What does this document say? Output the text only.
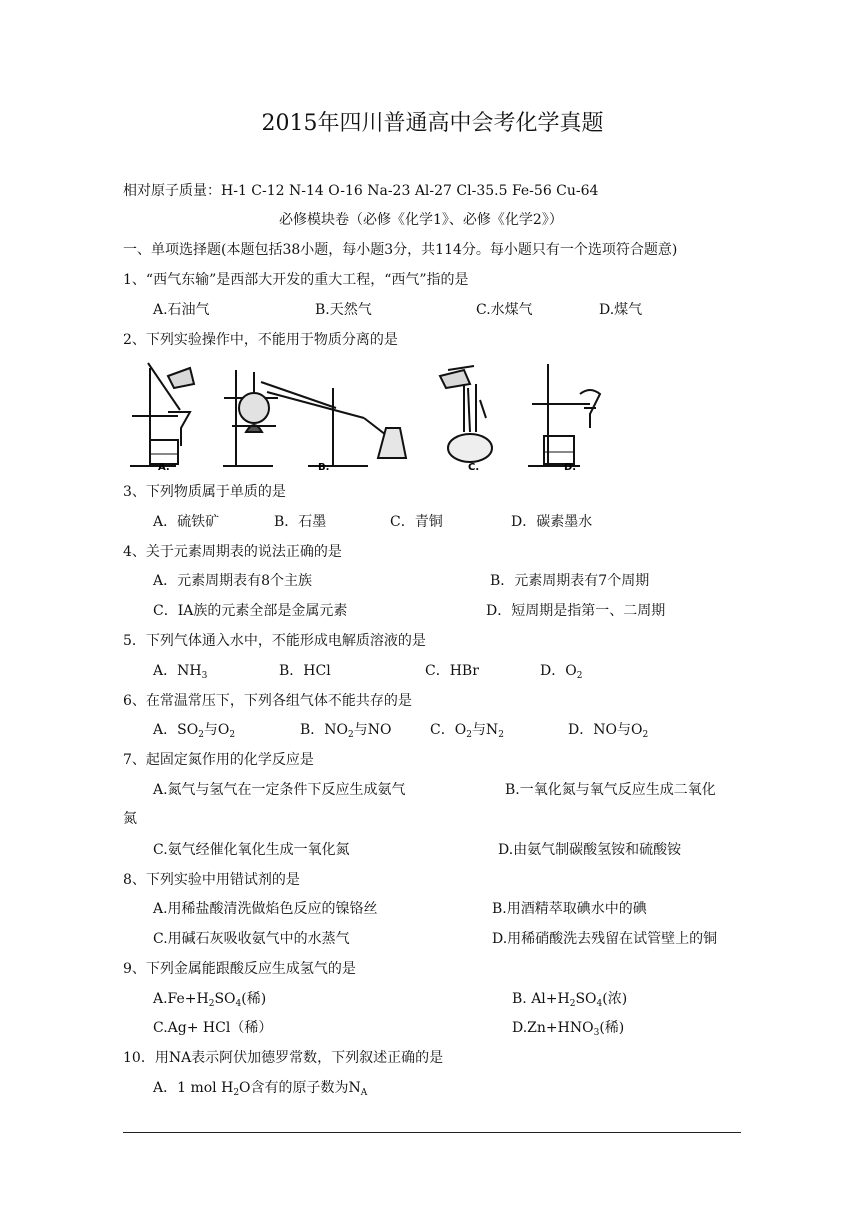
2015年四川普通高中会考化学真题
相对原子质量：H-1 C-12 N-14 O-16 Na-23 Al-27 Cl-35.5 Fe-56 Cu-64
必修模块卷（必修《化学1》、必修《化学2》）
一、单项选择题(本题包括38小题，每小题3分，共114分。每小题只有一个选项符合题意)
1、“西气东输”是西部大开发的重大工程，“西气”指的是
A.石油气	B.天然气	C.水煤气	D.煤气
2、下列实验操作中，不能用于物质分离的是
A.	B.	C.	D.
3、下列物质属于单质的是
A．硫铁矿	B．石墨	C．青铜	D．碳素墨水
4、关于元素周期表的说法正确的是
A．元素周期表有8个主族	B．元素周期表有7个周期
C．ⅠA族的元素全部是金属元素	D．短周期是指第一、二周期
5．下列气体通入水中，不能形成电解质溶液的是
A．$NH_3$	B．HCl	C．HBr	D．$O_2$
6、在常温常压下，下列各组气体不能共存的是
A．$SO_2$与$O_2$	B．$NO_2$与NO	C．$O_2$与$N_2$	D．NO与$O_2$
7、起固定氮作用的化学反应是
A.氮气与氢气在一定条件下反应生成氨气	B.一氧化氮与氧气反应生成二氧化
氮
C.氨气经催化氧化生成一氧化氮	D.由氨气制碳酸氢铵和硫酸铵
8、下列实验中用错试剂的是
A.用稀盐酸清洗做焰色反应的镍铬丝	B.用酒精萃取碘水中的碘
C.用碱石灰吸收氨气中的水蒸气	D.用稀硝酸洗去残留在试管壁上的铜
9、下列金属能跟酸反应生成氢气的是
$A.Fe+H_2SO_4$(稀)	B. $Al+H_2SO_4$(浓)
C.Ag+ HCl（稀）	$D.Zn+HNO_3$(稀)
10．用NA表示阿伏加德罗常数，下列叙述正确的是
A．1 mol $H_2O$含有的原子数为$N_A$
